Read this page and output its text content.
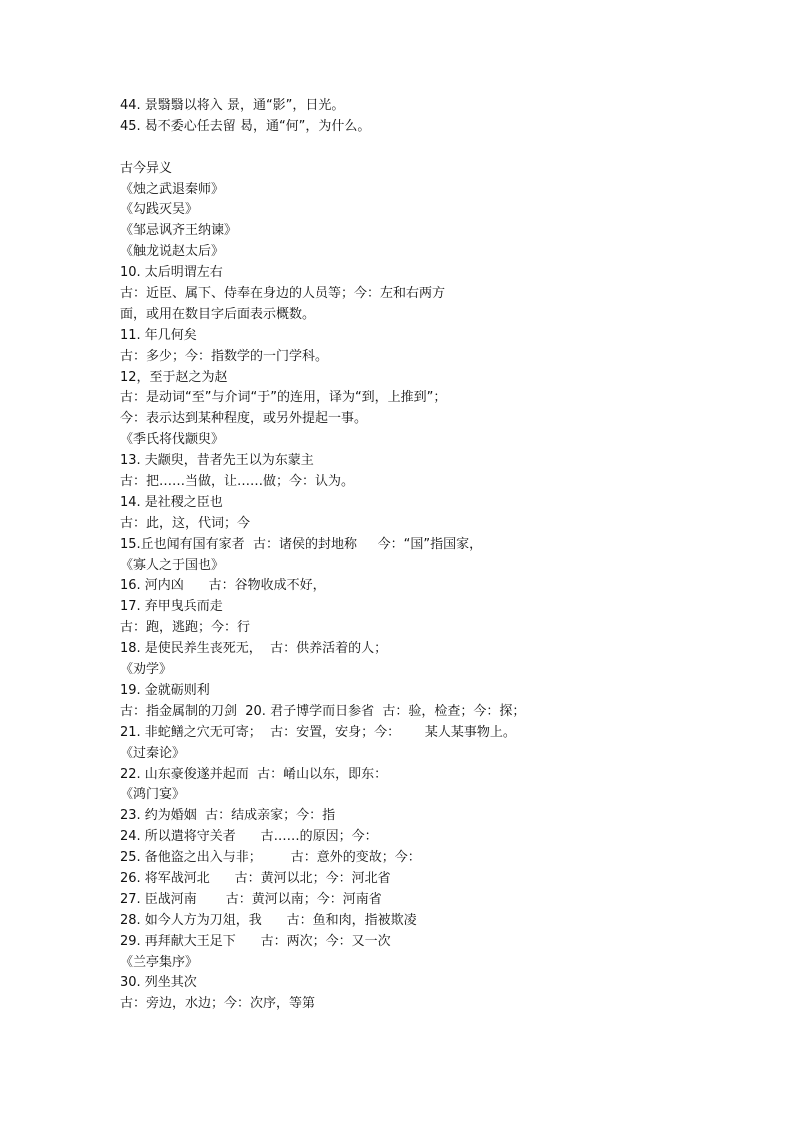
44. 景翳翳以将入 景，通“影”，日光。
45. 曷不委心任去留 曷，通“何”，为什么。
古今异义
《烛之武退秦师》
《勾践灭吴》
《邹忌讽齐王纳谏》
《触龙说赵太后》
10. 太后明谓左右
古：近臣、属下、侍奉在身边的人员等；今：左和右两方
面，或用在数目字后面表示概数。
11. 年几何矣
古：多少；今：指数学的一门学科。
12，至于赵之为赵
古：是动词“至”与介词“于”的连用，译为“到，上推到”；
今：表示达到某种程度，或另外提起一事。
《季氏将伐颛臾》
13. 夫颛臾，昔者先王以为东蒙主
古：把……当做，让……做；今：认为。
14. 是社稷之臣也
古：此，这，代词；今
15.丘也闻有国有家者  古：诸侯的封地称     今：“国”指国家，
《寡人之于国也》
16. 河内凶      古：谷物收成不好，
17. 弃甲曳兵而走
古：跑，逃跑；今：行
18. 是使民养生丧死无，  古：供养活着的人；
《劝学》
19. 金就砺则利
古：指金属制的刀剑  20. 君子博学而日参省  古：验，检查；今：探；
21. 非蛇鳝之穴无可寄；  古：安置，安身；今：      某人某事物上。
《过秦论》
22. 山东豪俊遂并起而  古：崤山以东，即东：
《鸿门宴》
23. 约为婚姻  古：结成亲家；今：指
24. 所以遣将守关者      古……的原因；今：
25. 备他盗之出入与非；       古：意外的变故；今：
26. 将军战河北      古：黄河以北；今：河北省
27. 臣战河南       古：黄河以南；今：河南省
28. 如今人方为刀俎，我      古：鱼和肉，指被欺凌
29. 再拜献大王足下      古：两次；今：又一次
《兰亭集序》
30. 列坐其次
古：旁边，水边；今：次序，等第
